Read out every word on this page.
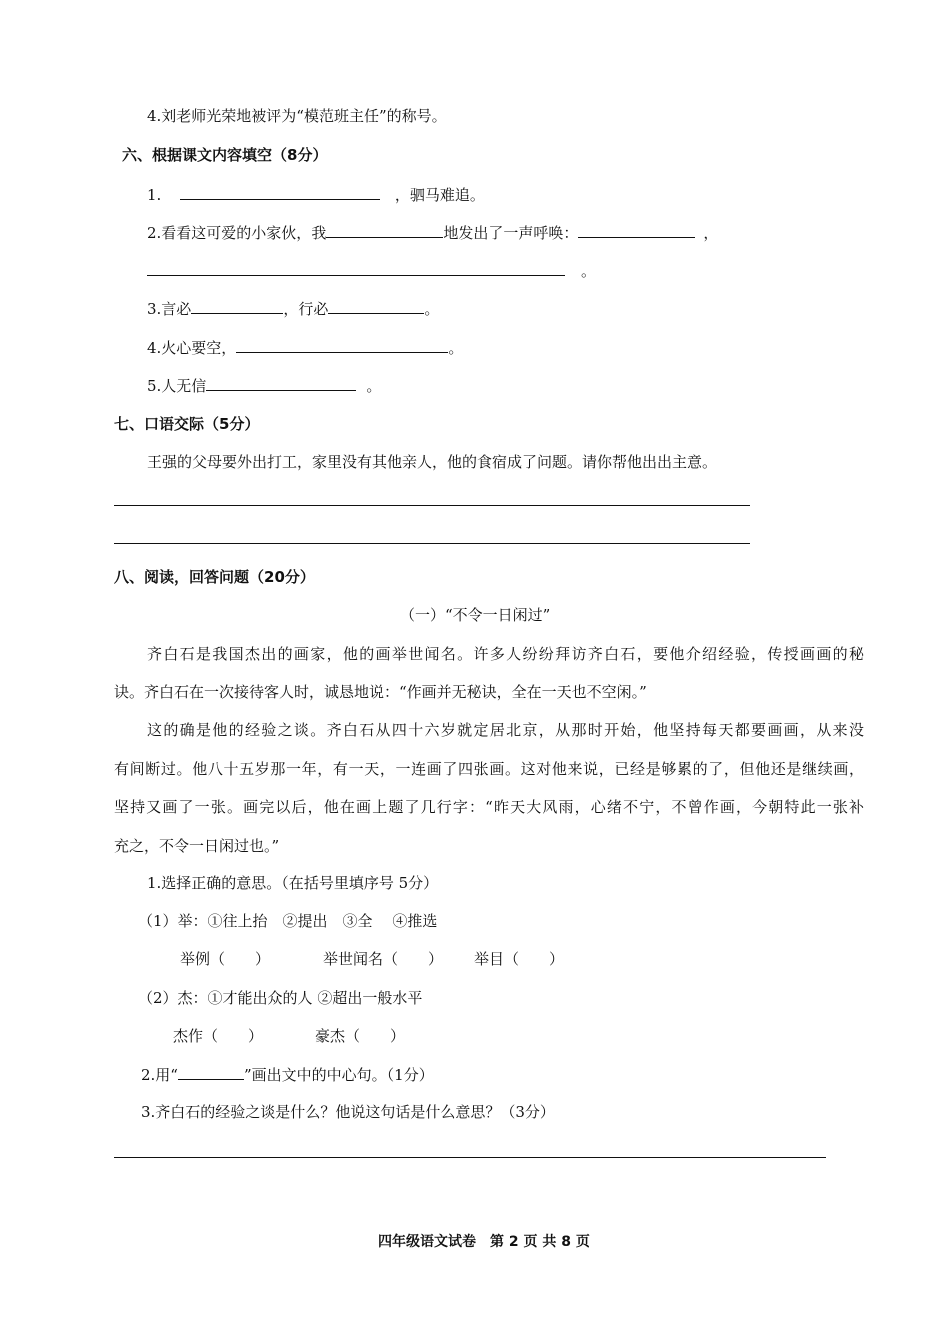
4.刘老师光荣地被评为“模范班主任”的称号。
六、根据课文内容填空（8分）
1.	，驷马难追。
2.看看这可爱的小家伙，我	地发出了一声呼唤：	，
。
3.言必	，行必	。
4.火心要空，	。
5.人无信	。
七、口语交际（5分）
王强的父母要外出打工，家里没有其他亲人，他的食宿成了问题。请你帮他出出主意。
八、阅读，回答问题（20分）
（一）“不令一日闲过”
齐白石是我国杰出的画家，他的画举世闻名。许多人纷纷拜访齐白石，要他介绍经验，传授画画的秘
诀。齐白石在一次接待客人时，诚恳地说：“作画并无秘诀，全在一天也不空闲。”
这的确是他的经验之谈。齐白石从四十六岁就定居北京，从那时开始，他坚持每天都要画画，从来没
有间断过。他八十五岁那一年，有一天，一连画了四张画。这对他来说，已经是够累的了，但他还是继续画，
坚持又画了一张。画完以后，他在画上题了几行字：“昨天大风雨，心绪不宁，不曾作画，今朝特此一张补
充之，不令一日闲过也。”
1.选择正确的意思。（在括号里填序号 5分）
（1）举：①往上抬　②提出　③全　 ④推选
举例（　　）	举世闻名（　　） 举目（　　）
（2）杰：①才能出众的人 ②超出一般水平
杰作（　　）	豪杰（　　）
2.用“	”画出文中的中心句。（1分）
3.齐白石的经验之谈是什么？他说这句话是什么意思？（3分）
四年级语文试卷　第 2 页 共 8 页
